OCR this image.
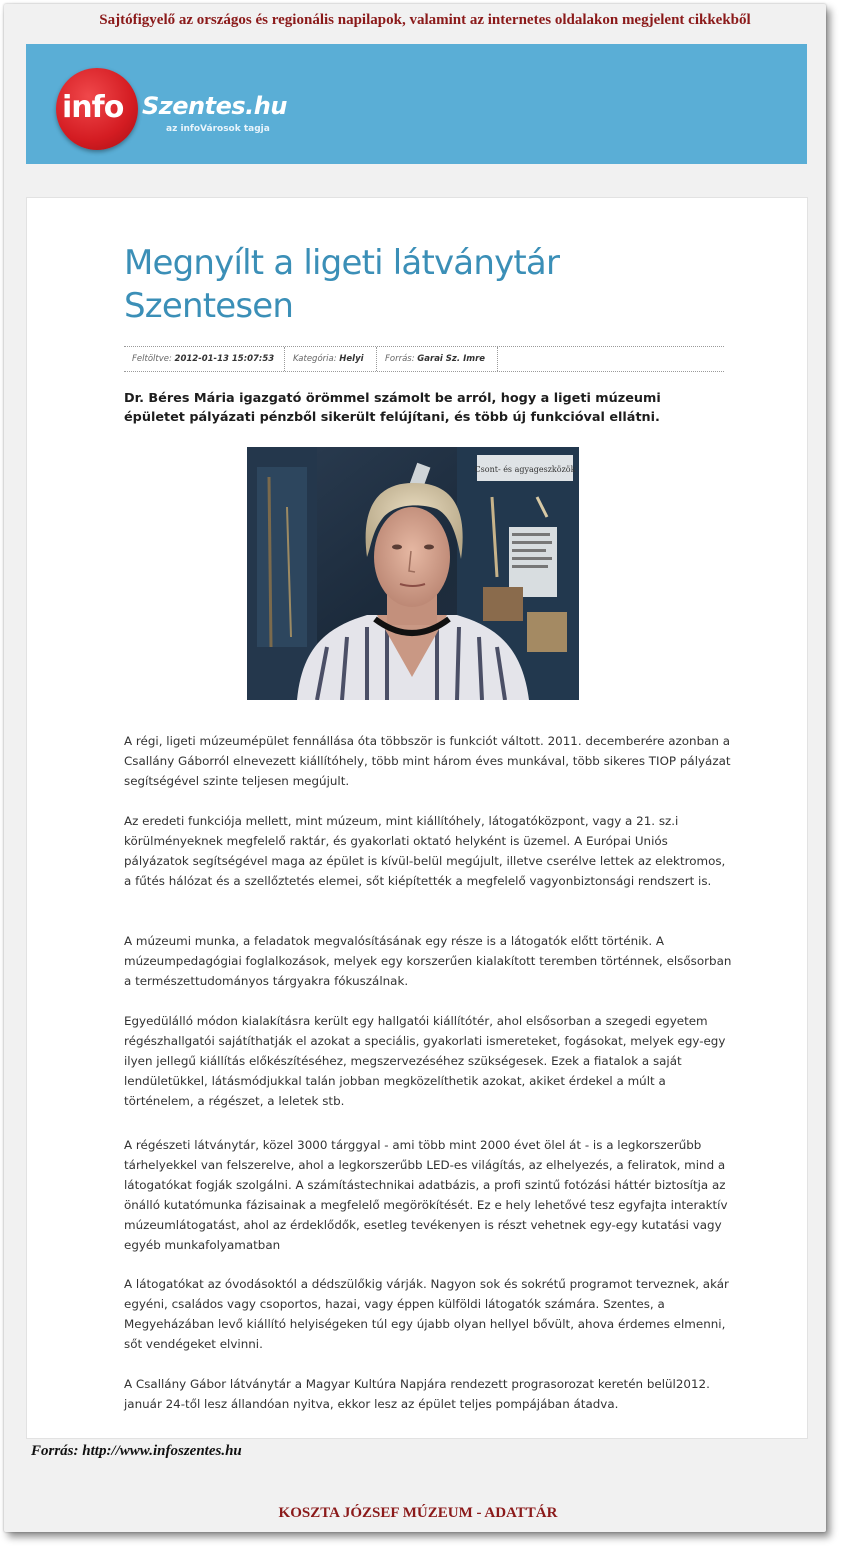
Sajtófigyelő az országos és regionális napilapok, valamint az internetes oldalakon megjelent cikkekből
info Szentes.hu
az infoVárosok tagja
Megnyílt a ligeti látványtár Szentesen
Feltöltve: 2012-01-13 15:07:53	Kategória: Helyi	Forrás: Garai Sz. Imre

Dr. Béres Mária igazgató örömmel számolt be arról, hogy a ligeti múzeumi épületet pályázati pénzből sikerült felújítani, és több új funkcióval ellátni.

Csont- és agyageszközök

A régi, ligeti múzeumépület fennállása óta többször is funkciót váltott. 2011. decemberére azonban a Csallány Gáborról elnevezett kiállítóhely, több mint három éves munkával, több sikeres TIOP pályázat segítségével szinte teljesen megújult.

Az eredeti funkciója mellett, mint múzeum, mint kiállítóhely, látogatóközpont, vagy a 21. sz.i körülményeknek megfelelő raktár, és gyakorlati oktató helyként is üzemel. A Európai Uniós pályázatok segítségével maga az épület is kívül-belül megújult, illetve cserélve lettek az elektromos, a fűtés hálózat és a szellőztetés elemei, sőt kiépítették a megfelelő vagyonbiztonsági rendszert is.

A múzeumi munka, a feladatok megvalósításának egy része is a látogatók előtt történik. A múzeumpedagógiai foglalkozások, melyek egy korszerűen kialakított teremben történnek, elsősorban a természettudományos tárgyakra fókuszálnak.

Egyedülálló módon kialakításra került egy hallgatói kiállítótér, ahol elsősorban a szegedi egyetem régészhallgatói sajátíthatják el azokat a speciális, gyakorlati ismereteket, fogásokat, melyek egy-egy ilyen jellegű kiállítás előkészítéséhez, megszervezéséhez szükségesek. Ezek a fiatalok a saját lendületükkel, látásmódjukkal talán jobban megközelíthetik azokat, akiket érdekel a múlt a történelem, a régészet, a leletek stb.

A régészeti látványtár, közel 3000 tárggyal - ami több mint 2000 évet ölel át - is a legkorszerűbb tárhelyekkel van felszerelve, ahol a legkorszerűbb LED-es világítás, az elhelyezés, a feliratok, mind a látogatókat fogják szolgálni. A számítástechnikai adatbázis, a profi szintű fotózási háttér biztosítja az önálló kutatómunka fázisainak a megfelelő megörökítését. Ez e hely lehetővé tesz egyfajta interaktív múzeumlátogatást, ahol az érdeklődők, esetleg tevékenyen is részt vehetnek egy-egy kutatási vagy egyéb munkafolyamatban

A látogatókat az óvodásoktól a dédszülőkig várják. Nagyon sok és sokrétű programot terveznek, akár egyéni, családos vagy csoportos, hazai, vagy éppen külföldi látogatók számára. Szentes, a Megyeházában levő kiállító helyiségeken túl egy újabb olyan hellyel bővült, ahova érdemes elmenni, sőt vendégeket elvinni.

A Csallány Gábor látványtár a Magyar Kultúra Napjára rendezett prograsorozat keretén belül2012. január 24-től lesz állandóan nyitva, ekkor lesz az épület teljes pompájában átadva.

Forrás: http://www.infoszentes.hu
KOSZTA JÓZSEF MÚZEUM - ADATTÁR
